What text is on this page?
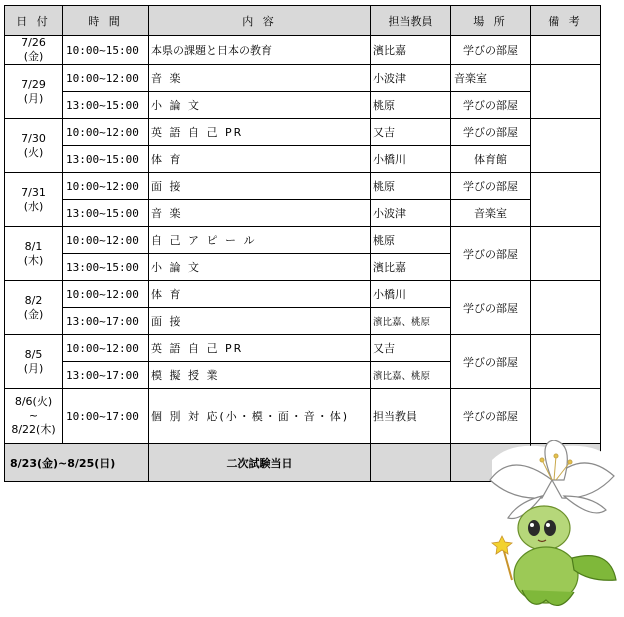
日 付	時 間	内 容	担当教員	場 所	備 考
7/26
(金)	10:00~15:00	本県の課題と日本の教育	濱比嘉	学びの部屋	
7/29
(月)	10:00~12:00	音 楽	小波津	音楽室	
	13:00~15:00	小 論 文	桃原	学びの部屋	
7/30
(火)	10:00~12:00	英 語 自 己 PR	又吉	学びの部屋	
	13:00~15:00	体 育	小橋川	体育館	
7/31
(水)	10:00~12:00	面 接	桃原	学びの部屋	
	13:00~15:00	音 楽	小波津	音楽室	
8/1
(木)	10:00~12:00	自 己 ア ピ ー ル	桃原	学びの部屋	
	13:00~15:00	小 論 文	濱比嘉		
8/2
(金)	10:00~12:00	体 育	小橋川	学びの部屋	
	13:00~17:00	面 接	濱比嘉、桃原		
8/5
(月)	10:00~12:00	英 語 自 己 PR	又吉	学びの部屋	
	13:00~17:00	模 擬 授 業	濱比嘉、桃原		
8/6(火)
~
8/22(木)	10:00~17:00	個 別 対 応(小・模・面・音・体)	担当教員	学びの部屋	
8/23(金)~8/25(日)		二次試験当日			
